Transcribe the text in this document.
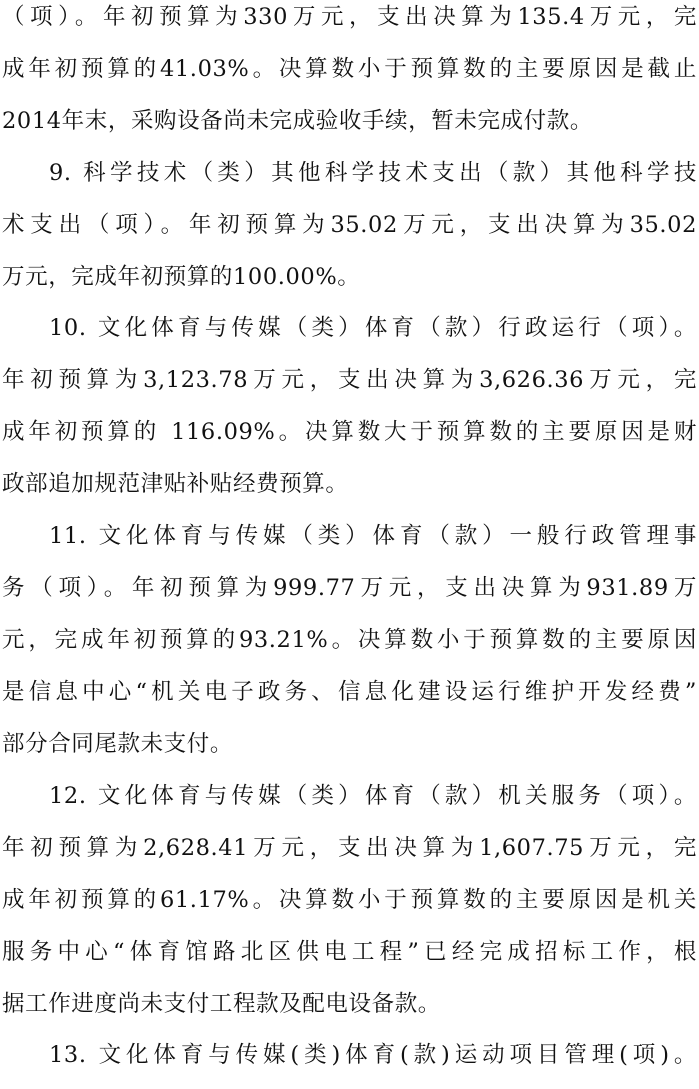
（项）。年初预算为330万元，支出决算为135.4万元，完
成年初预算的41.03%。决算数小于预算数的主要原因是截止
2014年末，采购设备尚未完成验收手续，暂未完成付款。
9. 科学技术（类）其他科学技术支出（款）其他科学技
术支出（项）。年初预算为35.02万元，支出决算为35.02
万元，完成年初预算的100.00%。
10. 文化体育与传媒（类）体育（款）行政运行（项）。
年初预算为3,123.78万元，支出决算为3,626.36万元，完
成年初预算的 116.09%。决算数大于预算数的主要原因是财
政部追加规范津贴补贴经费预算。
11. 文化体育与传媒（类）体育（款）一般行政管理事
务（项）。年初预算为999.77万元，支出决算为931.89万
元，完成年初预算的93.21%。决算数小于预算数的主要原因
是信息中心“机关电子政务、信息化建设运行维护开发经费”
部分合同尾款未支付。
12. 文化体育与传媒（类）体育（款）机关服务（项）。
年初预算为2,628.41万元，支出决算为1,607.75万元，完
成年初预算的61.17%。决算数小于预算数的主要原因是机关
服务中心“体育馆路北区供电工程”已经完成招标工作，根
据工作进度尚未支付工程款及配电设备款。
13. 文化体育与传媒(类)体育(款)运动项目管理(项)。
